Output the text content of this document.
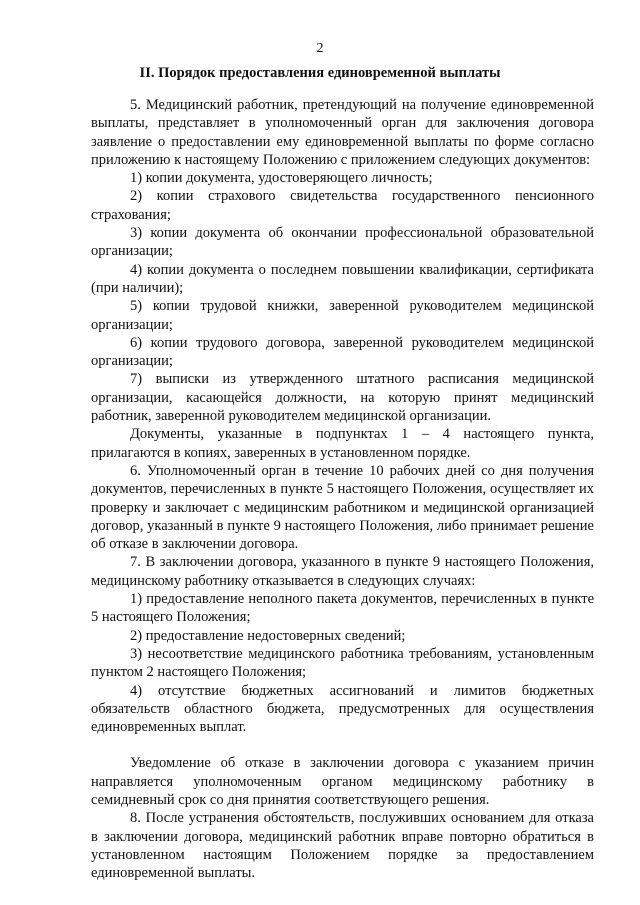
2
II. Порядок предоставления единовременной выплаты

5. Медицинский работник, претендующий на получение единовременной выплаты, представляет в уполномоченный орган для заключения договора заявление о предоставлении ему единовременной выплаты по форме согласно приложению к настоящему Положению с приложением следующих документов:

1) копии документа, удостоверяющего личность;

2) копии страхового свидетельства государственного пенсионного страхования;

3) копии документа об окончании профессиональной образовательной организации;

4) копии документа о последнем повышении квалификации, сертификата (при наличии);

5) копии трудовой книжки, заверенной руководителем медицинской организации;

6) копии трудового договора, заверенной руководителем медицинской организации;

7) выписки из утвержденного штатного расписания медицинской организации, касающейся должности, на которую принят медицинский работник, заверенной руководителем медицинской организации.

Документы, указанные в подпунктах 1 – 4 настоящего пункта, прилагаются в копиях, заверенных в установленном порядке.

6. Уполномоченный орган в течение 10 рабочих дней со дня получения документов, перечисленных в пункте 5 настоящего Положения, осуществляет их проверку и заключает с медицинским работником и медицинской организацией договор, указанный в пункте 9 настоящего Положения, либо принимает решение об отказе в заключении договора.

7. В заключении договора, указанного в пункте 9 настоящего Положения, медицинскому работнику отказывается в следующих случаях:

1) предоставление неполного пакета документов, перечисленных в пункте 5 настоящего Положения;

2) предоставление недостоверных сведений;

3) несоответствие медицинского работника требованиям, установленным пунктом 2 настоящего Положения;

4) отсутствие бюджетных ассигнований и лимитов бюджетных обязательств областного бюджета, предусмотренных для осуществления единовременных выплат.

Уведомление об отказе в заключении договора с указанием причин направляется уполномоченным органом медицинскому работнику в семидневный срок со дня принятия соответствующего решения.

8. После устранения обстоятельств, послуживших основанием для отказа в заключении договора, медицинский работник вправе повторно обратиться в установленном настоящим Положением порядке за предоставлением единовременной выплаты.
